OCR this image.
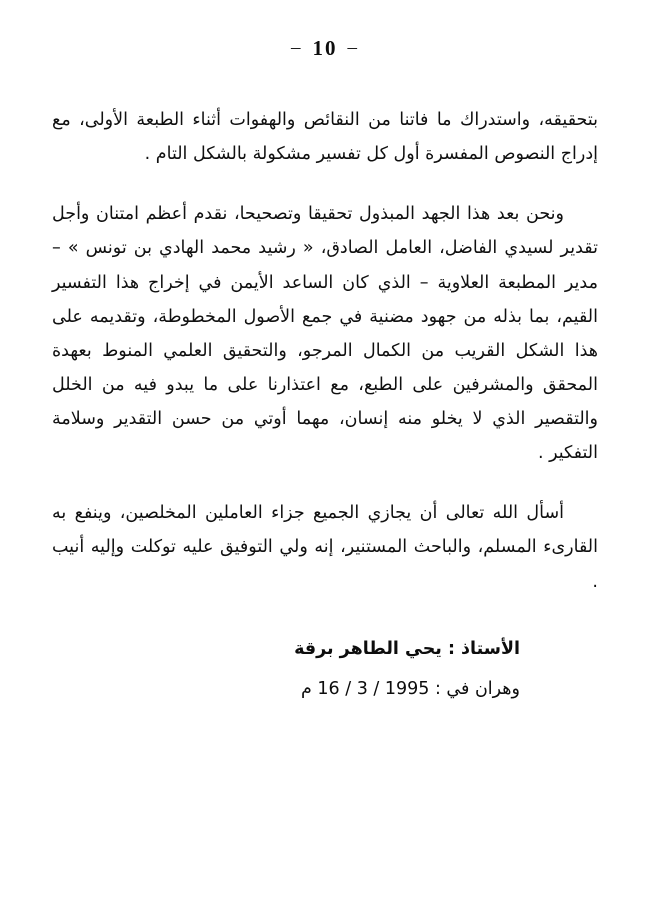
–10–

بتحقيقه، واستدراك ما فاتنا من النقائص والهفوات أثناء الطبعة الأولى، مع إدراج النصوص المفسرة أول كل تفسير مشكولة بالشكل التام .

ونحن بعد هذا الجهد المبذول تحقيقا وتصحيحا، نقدم أعظم امتنان وأجل تقدير لسيدي الفاضل، العامل الصادق، « رشيد محمد الهادي بن تونس » – مدير المطبعة العلاوية – الذي كان الساعد الأيمن في إخراج هذا التفسير القيم، بما بذله من جهود مضنية في جمع الأصول المخطوطة، وتقديمه على هذا الشكل القريب من الكمال المرجو، والتحقيق العلمي المنوط بعهدة المحقق والمشرفين على الطبع، مع اعتذارنا على ما يبدو فيه من الخلل والتقصير الذي لا يخلو منه إنسان، مهما أوتي من حسن التقدير وسلامة التفكير .

أسأل الله تعالى أن يجازي الجميع جزاء العاملين المخلصين، وينفع به القارىء المسلم، والباحث المستنير، إنه ولي التوفيق عليه توكلت وإليه أنيب .

الأستاذ : يحي الطاهر برقة

وهران في : 1995 / 3 / 16 م
